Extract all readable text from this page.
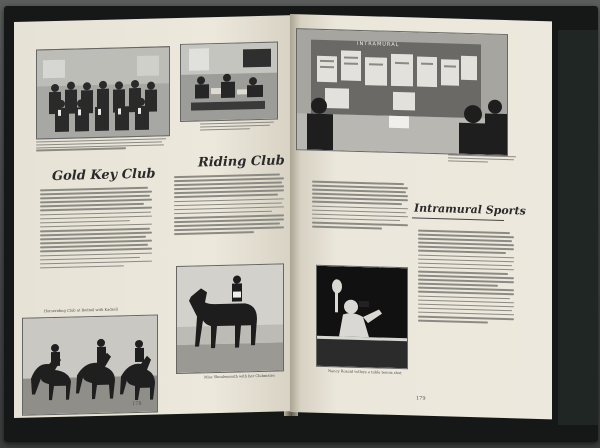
Gold Key Club
Riding Club
Horseriding Club at Redmil with Kadrell
Miss Shoulemouth with her Clubmates
178
INTRAMURAL
Intramural Sports
Nancy Rosaid volleys a table tennis shot
179
